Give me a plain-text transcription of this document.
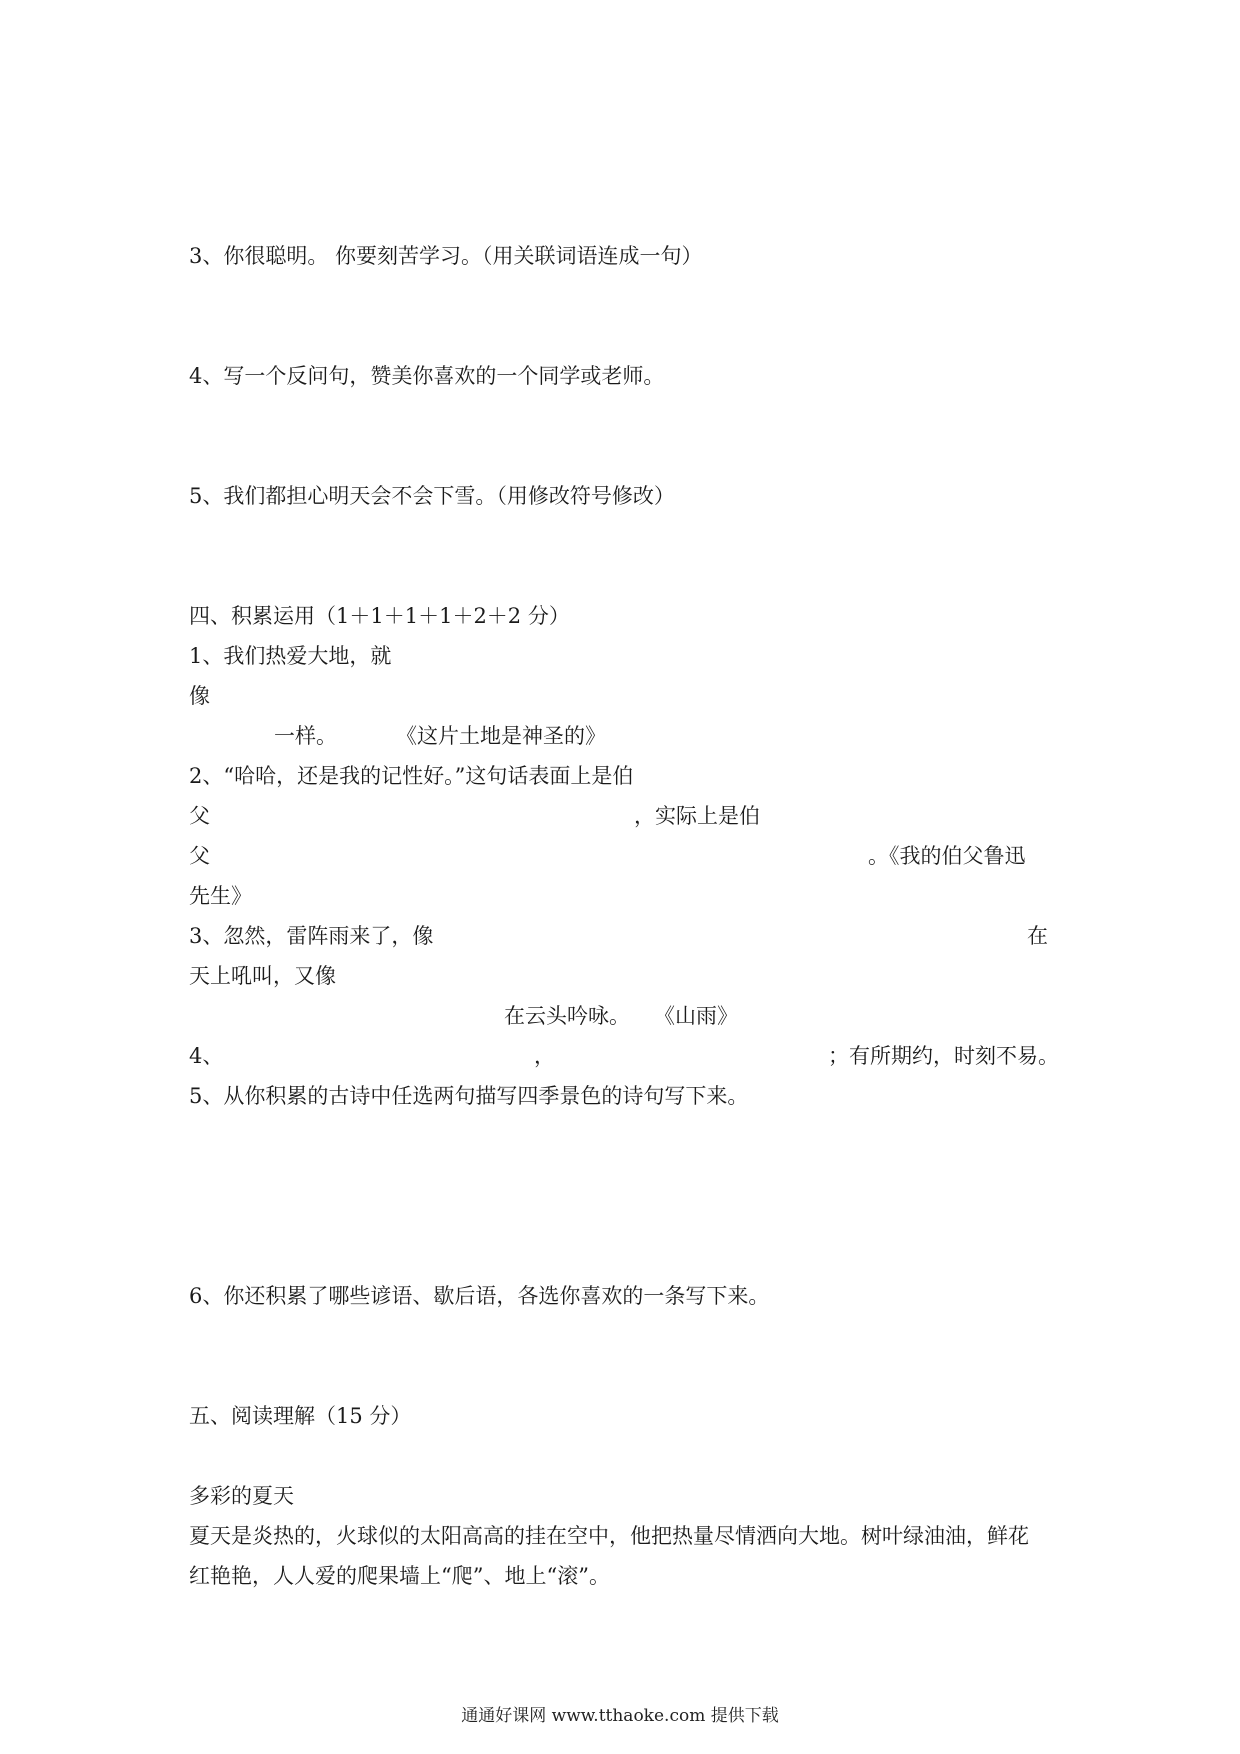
3、你很聪明。 你要刻苦学习。（用关联词语连成一句）

4、写一个反问句，赞美你喜欢的一个同学或老师。

5、我们都担心明天会不会下雪。（用修改符号修改）

四、积累运用（1＋1＋1＋1＋2＋2 分）

1、我们热爱大地，就

像

一样。	《这片土地是神圣的》

2、“哈哈，还是我的记性好。”这句话表面上是伯

父	，实际上是伯

父	。《我的伯父鲁迅

先生》

3、忽然，雷阵雨来了，像	在

天上吼叫，又像

在云头吟咏。 《山雨》

4、	，	；有所期约，时刻不易。

5、从你积累的古诗中任选两句描写四季景色的诗句写下来。

6、你还积累了哪些谚语、歇后语，各选你喜欢的一条写下来。

五、阅读理解（15 分）

多彩的夏天

夏天是炎热的，火球似的太阳高高的挂在空中，他把热量尽情洒向大地。树叶绿油油，鲜花

红艳艳，人人爱的爬果墙上“爬”、地上“滚”。

通通好课网 www.tthaoke.com 提供下载
